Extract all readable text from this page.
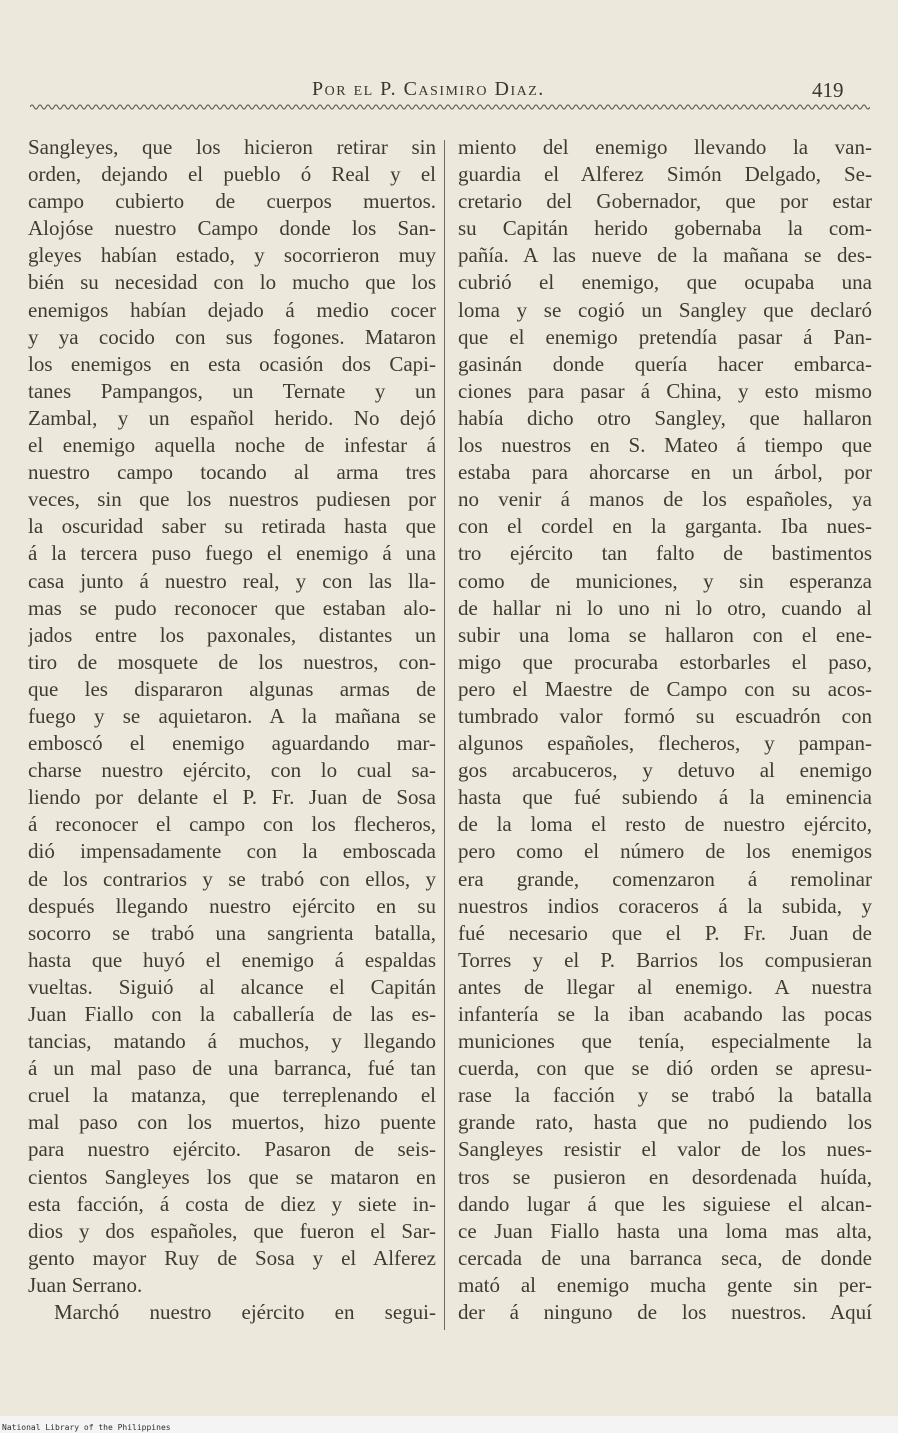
Por el P. Casimiro Diaz.	419
Sangleyes, que los hicieron retirar sin
orden, dejando el pueblo ó Real y el
campo cubierto de cuerpos muertos.
Alojóse nuestro Campo donde los San-
gleyes habían estado, y socorrieron muy
bién su necesidad con lo mucho que los
enemigos habían dejado á medio cocer
y ya cocido con sus fogones. Mataron
los enemigos en esta ocasión dos Capi-
tanes Pampangos, un Ternate y un
Zambal, y un español herido. No dejó
el enemigo aquella noche de infestar á
nuestro campo tocando al arma tres
veces, sin que los nuestros pudiesen por
la oscuridad saber su retirada hasta que
á la tercera puso fuego el enemigo á una
casa junto á nuestro real, y con las lla-
mas se pudo reconocer que estaban alo-
jados entre los paxonales, distantes un
tiro de mosquete de los nuestros, con-
que les dispararon algunas armas de
fuego y se aquietaron. A la mañana se
emboscó el enemigo aguardando mar-
charse nuestro ejército, con lo cual sa-
liendo por delante el P. Fr. Juan de Sosa
á reconocer el campo con los flecheros,
dió impensadamente con la emboscada
de los contrarios y se trabó con ellos, y
después llegando nuestro ejército en su
socorro se trabó una sangrienta batalla,
hasta que huyó el enemigo á espaldas
vueltas. Siguió al alcance el Capitán
Juan Fiallo con la caballería de las es-
tancias, matando á muchos, y llegando
á un mal paso de una barranca, fué tan
cruel la matanza, que terreplenando el
mal paso con los muertos, hizo puente
para nuestro ejército. Pasaron de seis-
cientos Sangleyes los que se mataron en
esta facción, á costa de diez y siete in-
dios y dos españoles, que fueron el Sar-
gento mayor Ruy de Sosa y el Alferez
Juan Serrano.
Marchó nuestro ejército en segui-
miento del enemigo llevando la van-
guardia el Alferez Simón Delgado, Se-
cretario del Gobernador, que por estar
su Capitán herido gobernaba la com-
pañía. A las nueve de la mañana se des-
cubrió el enemigo, que ocupaba una
loma y se cogió un Sangley que declaró
que el enemigo pretendía pasar á Pan-
gasinán donde quería hacer embarca-
ciones para pasar á China, y esto mismo
había dicho otro Sangley, que hallaron
los nuestros en S. Mateo á tiempo que
estaba para ahorcarse en un árbol, por
no venir á manos de los españoles, ya
con el cordel en la garganta. Iba nues-
tro ejército tan falto de bastimentos
como de municiones, y sin esperanza
de hallar ni lo uno ni lo otro, cuando al
subir una loma se hallaron con el ene-
migo que procuraba estorbarles el paso,
pero el Maestre de Campo con su acos-
tumbrado valor formó su escuadrón con
algunos españoles, flecheros, y pampan-
gos arcabuceros, y detuvo al enemigo
hasta que fué subiendo á la eminencia
de la loma el resto de nuestro ejército,
pero como el número de los enemigos
era grande, comenzaron á remolinar
nuestros indios coraceros á la subida, y
fué necesario que el P. Fr. Juan de
Torres y el P. Barrios los compusieran
antes de llegar al enemigo. A nuestra
infantería se la iban acabando las pocas
municiones que tenía, especialmente la
cuerda, con que se dió orden se apresu-
rase la facción y se trabó la batalla
grande rato, hasta que no pudiendo los
Sangleyes resistir el valor de los nues-
tros se pusieron en desordenada huída,
dando lugar á que les siguiese el alcan-
ce Juan Fiallo hasta una loma mas alta,
cercada de una barranca seca, de donde
mató al enemigo mucha gente sin per-
der á ninguno de los nuestros. Aquí
National Library of the Philippines
